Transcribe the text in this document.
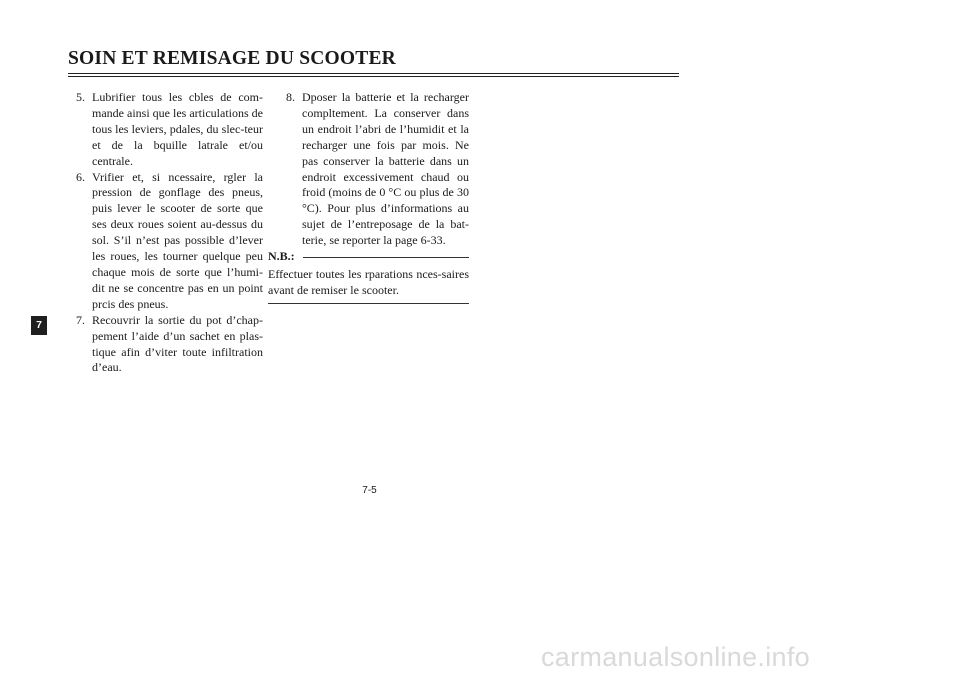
SOIN ET REMISAGE DU SCOOTER
7
5. Lubrifier tous les cbles de com-mande ainsi que les articulations de tous les leviers, pdales, du slec-teur et de la bquille latrale et/ou centrale.
6. Vrifier et, si ncessaire, rgler la pression de gonflage des pneus, puis lever le scooter de sorte que ses deux roues soient au-dessus du sol. S’il n’est pas possible d’lever les roues, les tourner quelque peu chaque mois de sorte que l’humi-dit ne se concentre pas en un point prcis des pneus.
7. Recouvrir la sortie du pot d’chap-pement l’aide d’un sachet en plas-tique afin d’viter toute infiltration d’eau.
8. Dposer la batterie et la recharger compltement. La conserver dans un endroit l’abri de l’humidit et la recharger une fois par mois. Ne pas conserver la batterie dans un endroit excessivement chaud ou froid (moins de 0 °C ou plus de 30 °C). Pour plus d’informations au sujet de l’entreposage de la bat-terie, se reporter la page 6-33.
N.B.:
Effectuer toutes les rparations nces-saires avant de remiser le scooter.
7-5
carmanualsonline.info
